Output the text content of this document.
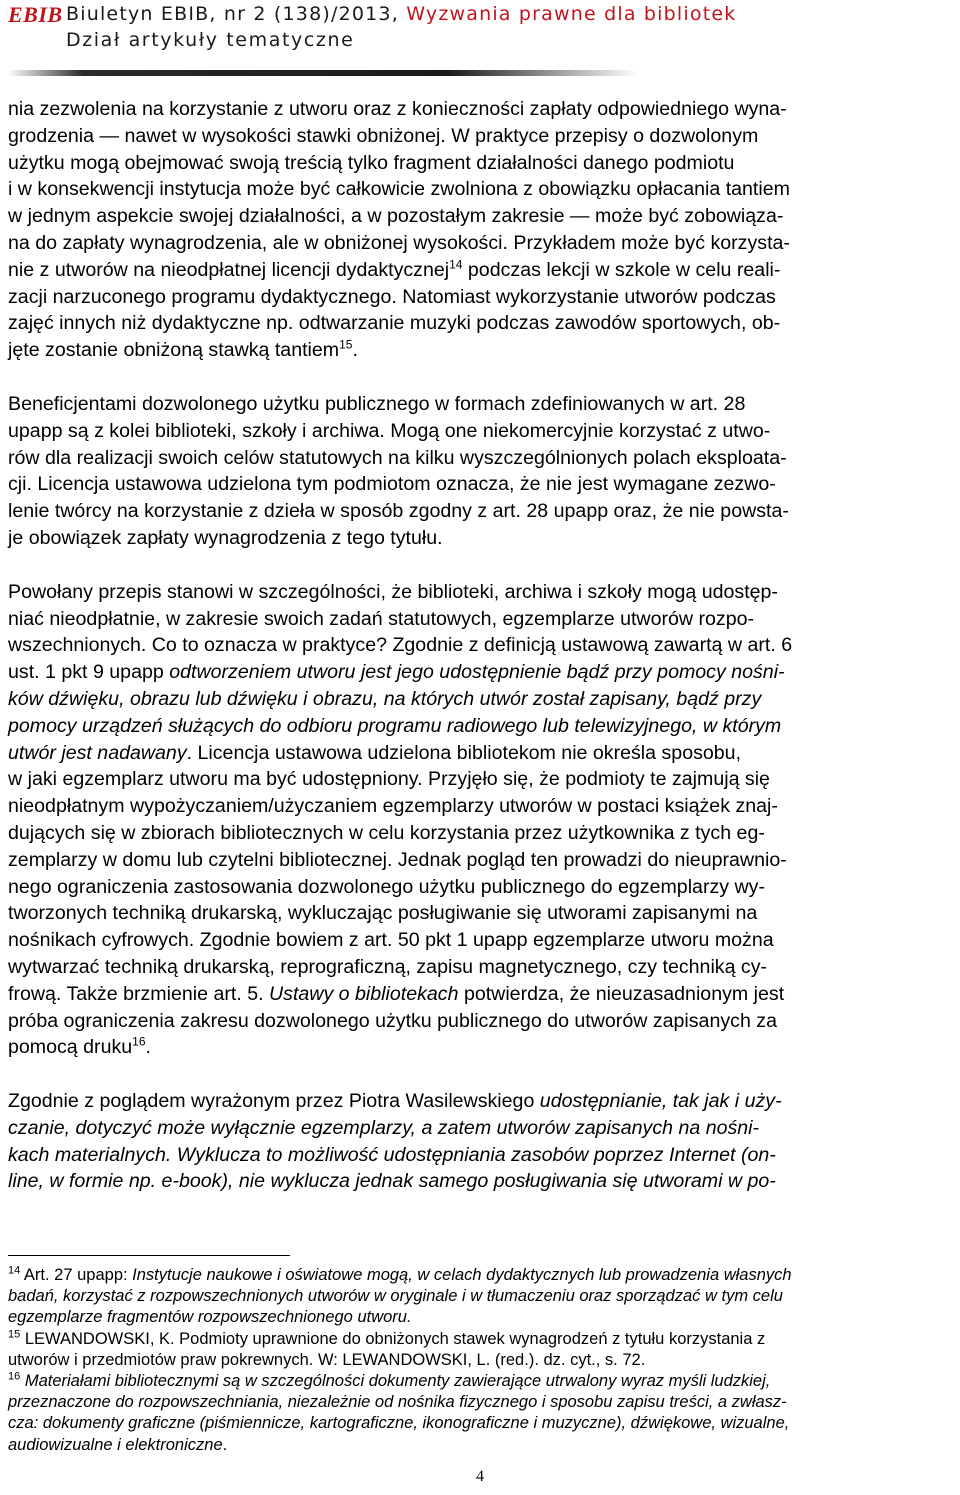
EBIB Biuletyn EBIB, nr 2 (138)/2013, Wyzwania prawne dla bibliotek
Dział artykuły tematyczne

nia zezwolenia na korzystanie z utworu oraz z konieczności zapłaty odpowiedniego wyna-
grodzenia — nawet w wysokości stawki obniżonej. W praktyce przepisy o dozwolonym
użytku mogą obejmować swoją treścią tylko fragment działalności danego podmiotu
i w konsekwencji instytucja może być całkowicie zwolniona z obowiązku opłacania tantiem
w jednym aspekcie swojej działalności, a w pozostałym zakresie — może być zobowiąza-
na do zapłaty wynagrodzenia, ale w obniżonej wysokości. Przykładem może być korzysta-
nie z utworów na nieodpłatnej licencji dydaktycznej$^{14}$ podczas lekcji w szkole w celu reali-
zacji narzuconego programu dydaktycznego. Natomiast wykorzystanie utworów podczas
zajęć innych niż dydaktyczne np. odtwarzanie muzyki podczas zawodów sportowych, ob-
jęte zostanie obniżoną stawką tantiem$^{15}$.

Beneficjentami dozwolonego użytku publicznego w formach zdefiniowanych w art. 28
upapp są z kolei biblioteki, szkoły i archiwa. Mogą one niekomercyjnie korzystać z utwo-
rów dla realizacji swoich celów statutowych na kilku wyszczególnionych polach eksploata-
cji. Licencja ustawowa udzielona tym podmiotom oznacza, że nie jest wymagane zezwo-
lenie twórcy na korzystanie z dzieła w sposób zgodny z art. 28 upapp oraz, że nie powsta-
je obowiązek zapłaty wynagrodzenia z tego tytułu.

Powołany przepis stanowi w szczególności, że biblioteki, archiwa i szkoły mogą udostęp-
niać nieodpłatnie, w zakresie swoich zadań statutowych, egzemplarze utworów rozpo-
wszechnionych. Co to oznacza w praktyce? Zgodnie z definicją ustawową zawartą w art. 6
ust. 1 pkt 9 upapp odtworzeniem utworu jest jego udostępnienie bądź przy pomocy nośni-
ków dźwięku, obrazu lub dźwięku i obrazu, na których utwór został zapisany, bądź przy
pomocy urządzeń służących do odbioru programu radiowego lub telewizyjnego, w którym
utwór jest nadawany. Licencja ustawowa udzielona bibliotekom nie określa sposobu,
w jaki egzemplarz utworu ma być udostępniony. Przyjęło się, że podmioty te zajmują się
nieodpłatnym wypożyczaniem/użyczaniem egzemplarzy utworów w postaci książek znaj-
dujących się w zbiorach bibliotecznych w celu korzystania przez użytkownika z tych eg-
zemplarzy w domu lub czytelni bibliotecznej. Jednak pogląd ten prowadzi do nieuprawnio-
nego ograniczenia zastosowania dozwolonego użytku publicznego do egzemplarzy wy-
tworzonych techniką drukarską, wykluczając posługiwanie się utworami zapisanymi na
nośnikach cyfrowych. Zgodnie bowiem z art. 50 pkt 1 upapp egzemplarze utworu można
wytwarzać techniką drukarską, reprograficzną, zapisu magnetycznego, czy techniką cy-
frową. Także brzmienie art. 5. Ustawy o bibliotekach potwierdza, że nieuzasadnionym jest
próba ograniczenia zakresu dozwolonego użytku publicznego do utworów zapisanych za
pomocą druku$^{16}$.

Zgodnie z poglądem wyrażonym przez Piotra Wasilewskiego udostępnianie, tak jak i uży-
czanie, dotyczyć może wyłącznie egzemplarzy, a zatem utworów zapisanych na nośni-
kach materialnych. Wyklucza to możliwość udostępniania zasobów poprzez Internet (on-
line, w formie np. e-book), nie wyklucza jednak samego posługiwania się utworami w po-

$^{14}$ Art. 27 upapp: Instytucje naukowe i oświatowe mogą, w celach dydaktycznych lub prowadzenia własnych
badań, korzystać z rozpowszechnionych utworów w oryginale i w tłumaczeniu oraz sporządzać w tym celu
egzemplarze fragmentów rozpowszechnionego utworu.

$^{15}$ LEWANDOWSKI, K. Podmioty uprawnione do obniżonych stawek wynagrodzeń z tytułu korzystania z
utworów i przedmiotów praw pokrewnych. W: LEWANDOWSKI, L. (red.). dz. cyt., s. 72.

$^{16}$ Materiałami bibliotecznymi są w szczególności dokumenty zawierające utrwalony wyraz myśli ludzkiej,
przeznaczone do rozpowszechniania, niezależnie od nośnika fizycznego i sposobu zapisu treści, a zwłasz-
cza: dokumenty graficzne (piśmiennicze, kartograficzne, ikonograficzne i muzyczne), dźwiękowe, wizualne,
audiowizualne i elektroniczne.

4
